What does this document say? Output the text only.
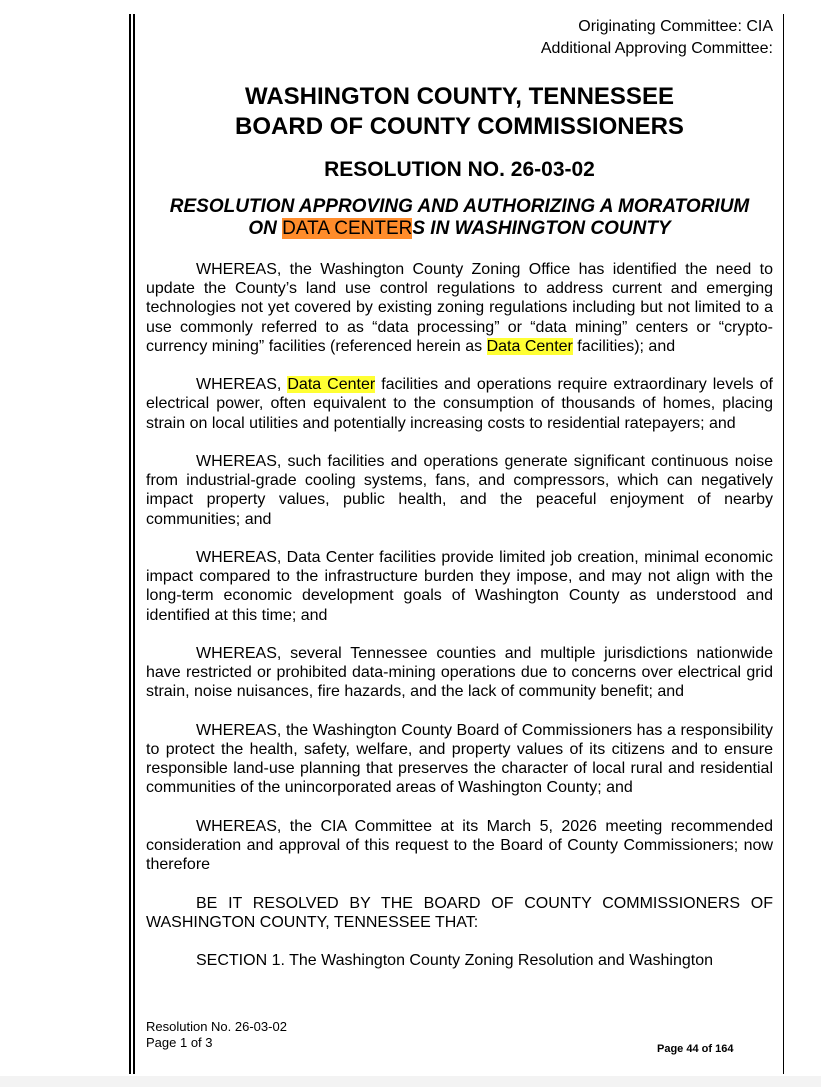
Originating Committee: CIA
Additional Approving Committee:
WASHINGTON COUNTY, TENNESSEE
BOARD OF COUNTY COMMISSIONERS
RESOLUTION NO. 26-03-02
RESOLUTION APPROVING AND AUTHORIZING A MORATORIUM
ON DATA CENTERS IN WASHINGTON COUNTY

WHEREAS, the Washington County Zoning Office has identified the need to update the County’s land use control regulations to address current and emerging technologies not yet covered by existing zoning regulations including but not limited to a use commonly referred to as “data processing” or “data mining” centers or “crypto-currency mining” facilities (referenced herein as Data Center facilities); and

WHEREAS, Data Center facilities and operations require extraordinary levels of electrical power, often equivalent to the consumption of thousands of homes, placing strain on local utilities and potentially increasing costs to residential ratepayers; and

WHEREAS, such facilities and operations generate significant continuous noise from industrial-grade cooling systems, fans, and compressors, which can negatively impact property values, public health, and the peaceful enjoyment of nearby communities; and

WHEREAS, Data Center facilities provide limited job creation, minimal economic impact compared to the infrastructure burden they impose, and may not align with the long-term economic development goals of Washington County as understood and identified at this time; and

WHEREAS, several Tennessee counties and multiple jurisdictions nationwide have restricted or prohibited data-mining operations due to concerns over electrical grid strain, noise nuisances, fire hazards, and the lack of community benefit; and

WHEREAS, the Washington County Board of Commissioners has a responsibility to protect the health, safety, welfare, and property values of its citizens and to ensure responsible land-use planning that preserves the character of local rural and residential communities of the unincorporated areas of Washington County; and

WHEREAS, the CIA Committee at its March 5, 2026 meeting recommended consideration and approval of this request to the Board of County Commissioners; now therefore

BE IT RESOLVED BY THE BOARD OF COUNTY COMMISSIONERS OF WASHINGTON COUNTY, TENNESSEE THAT:

SECTION 1. The Washington County Zoning Resolution and Washington

Resolution No. 26-03-02
Page 1 of 3	Page 44 of 164
